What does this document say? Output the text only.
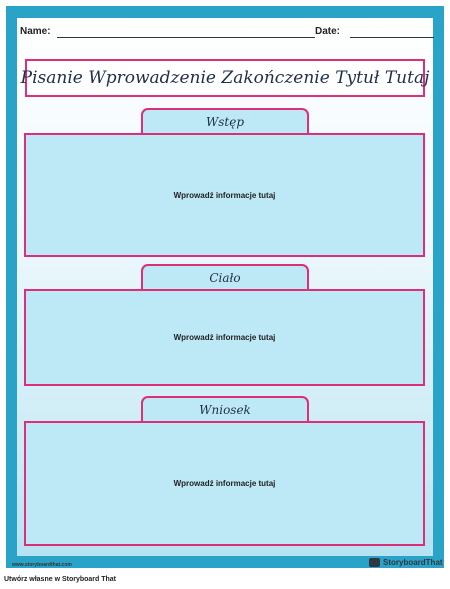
Name:	Date:
Pisanie Wprowadzenie Zakończenie Tytuł Tutaj
Wstęp
Wprowadź informacje tutaj
Ciało
Wprowadź informacje tutaj
Wniosek
Wprowadź informacje tutaj
www.storyboardthat.com	StoryboardThat
Utwórz własne w Storyboard That
